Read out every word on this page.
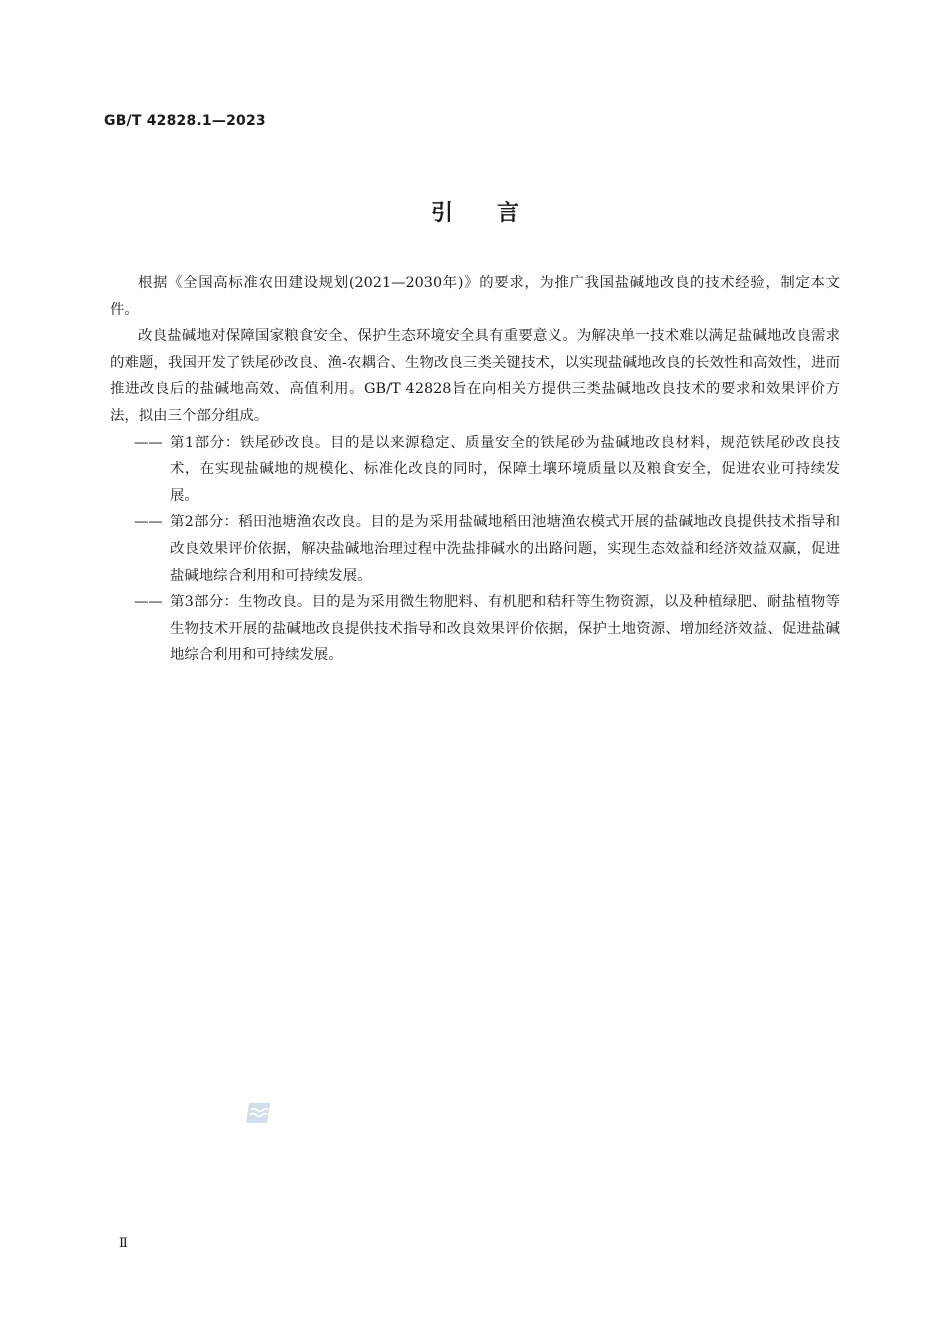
GB/T 42828.1—2023
引言

根据《全国高标准农田建设规划(2021—2030年)》的要求，为推广我国盐碱地改良的技术经验，制定本文件。

改良盐碱地对保障国家粮食安全、保护生态环境安全具有重要意义。为解决单一技术难以满足盐碱地改良需求的难题，我国开发了铁尾砂改良、渔-农耦合、生物改良三类关键技术，以实现盐碱地改良的长效性和高效性，进而推进改良后的盐碱地高效、高值利用。GB/T 42828旨在向相关方提供三类盐碱地改良技术的要求和效果评价方法，拟由三个部分组成。

—— 第1部分：铁尾砂改良。目的是以来源稳定、质量安全的铁尾砂为盐碱地改良材料，规范铁尾砂改良技术，在实现盐碱地的规模化、标准化改良的同时，保障土壤环境质量以及粮食安全，促进农业可持续发展。

—— 第2部分：稻田池塘渔农改良。目的是为采用盐碱地稻田池塘渔农模式开展的盐碱地改良提供技术指导和改良效果评价依据，解决盐碱地治理过程中洗盐排碱水的出路问题，实现生态效益和经济效益双赢，促进盐碱地综合利用和可持续发展。

—— 第3部分：生物改良。目的是为采用微生物肥料、有机肥和秸秆等生物资源，以及种植绿肥、耐盐植物等生物技术开展的盐碱地改良提供技术指导和改良效果评价依据，保护土地资源、增加经济效益、促进盐碱地综合利用和可持续发展。

Ⅱ
